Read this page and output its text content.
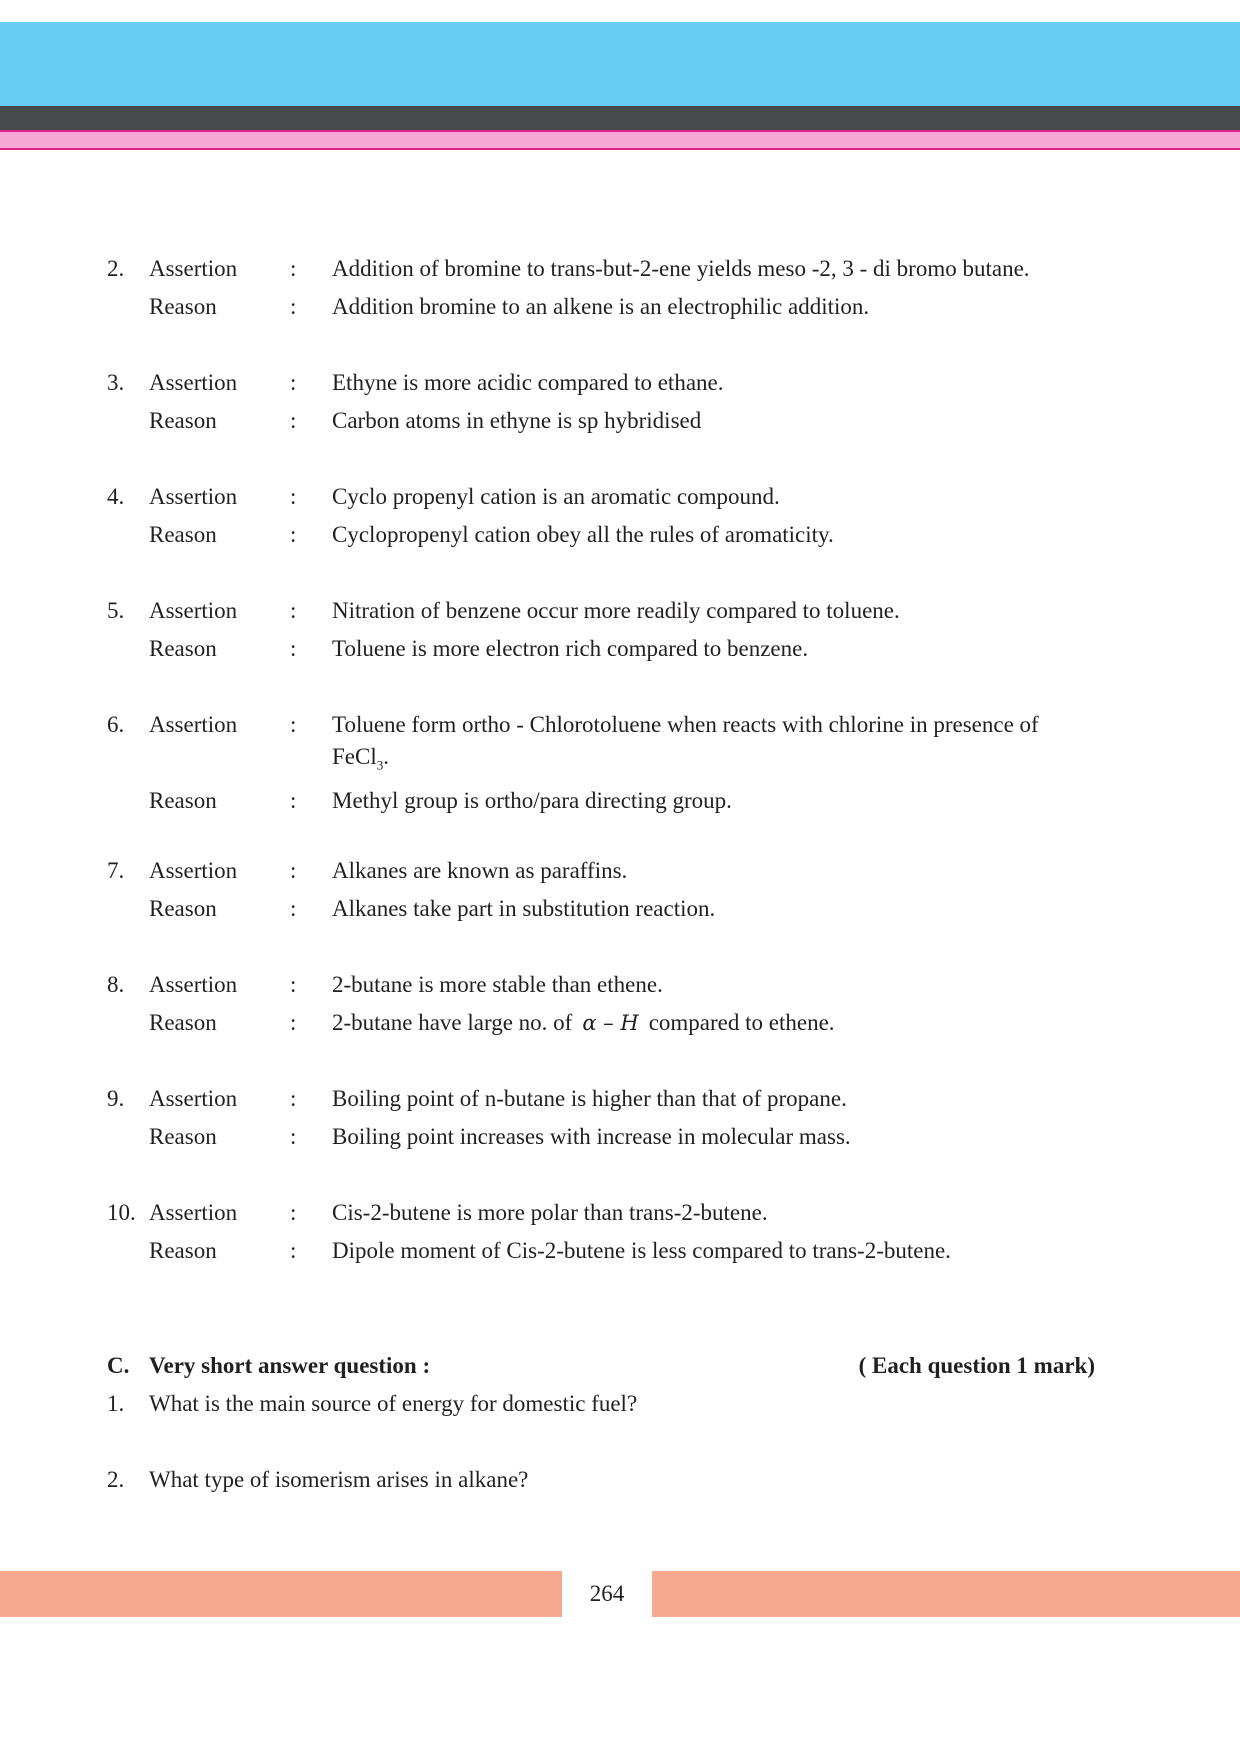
2. Assertion : Addition of bromine to trans-but-2-ene yields meso -2, 3 - di bromo butane.
Reason	: Addition bromine to an alkene is an electrophilic addition.
3. Assertion : Ethyne is more acidic compared to ethane.
Reason	: Carbon atoms in ethyne is sp hybridised
4. Assertion : Cyclo propenyl cation is an aromatic compound.
Reason	: Cyclopropenyl cation obey all the rules of aromaticity.
5. Assertion : Nitration of benzene occur more readily compared to toluene.
Reason	: Toluene is more electron rich compared to benzene.
6. Assertion : Toluene form ortho - Chlorotoluene when reacts with chlorine in presence of
FeCl$_3$.
Reason	: Methyl group is ortho/para directing group.
7. Assertion : Alkanes are known as paraffins.
Reason	: Alkanes take part in substitution reaction.
8. Assertion : 2-butane is more stable than ethene.
Reason	: 2-butane have large no. of α – H compared to ethene.
9. Assertion : Boiling point of n-butane is higher than that of propane.
Reason	: Boiling point increases with increase in molecular mass.
10. Assertion : Cis-2-butene is more polar than trans-2-butene.
Reason	: Dipole moment of Cis-2-butene is less compared to trans-2-butene.
C. Very short answer question :	( Each question 1 mark)
1. What is the main source of energy for domestic fuel?
2. What type of isomerism arises in alkane?
264
